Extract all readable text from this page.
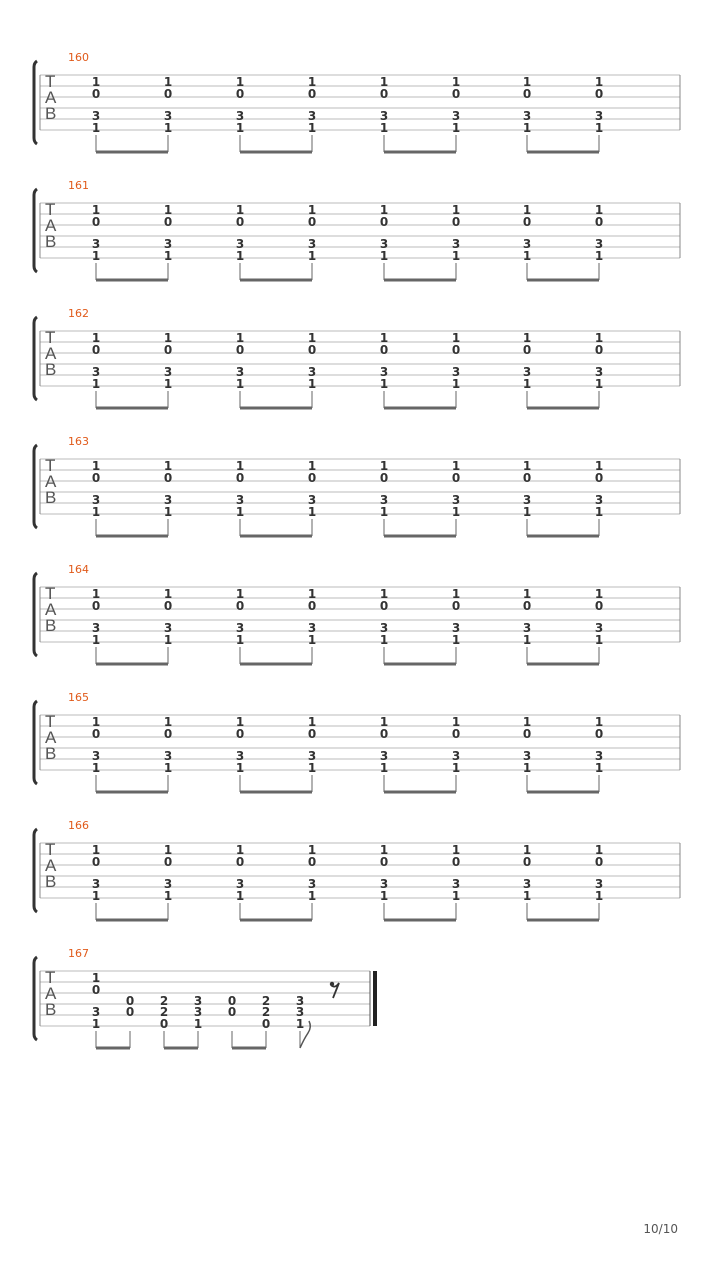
160
T
A
B
1
0
3
1
1
0
3
1
1
0
3
1
1
0
3
1
1
0
3
1
1
0
3
1
1
0
3
1
1
0
3
1
161
T
A
B
1
0
3
1
1
0
3
1
1
0
3
1
1
0
3
1
1
0
3
1
1
0
3
1
1
0
3
1
1
0
3
1
162
T
A
B
1
0
3
1
1
0
3
1
1
0
3
1
1
0
3
1
1
0
3
1
1
0
3
1
1
0
3
1
1
0
3
1
163
T
A
B
1
0
3
1
1
0
3
1
1
0
3
1
1
0
3
1
1
0
3
1
1
0
3
1
1
0
3
1
1
0
3
1
164
T
A
B
1
0
3
1
1
0
3
1
1
0
3
1
1
0
3
1
1
0
3
1
1
0
3
1
1
0
3
1
1
0
3
1
165
T
A
B
1
0
3
1
1
0
3
1
1
0
3
1
1
0
3
1
1
0
3
1
1
0
3
1
1
0
3
1
1
0
3
1
166
T
A
B
1
0
3
1
1
0
3
1
1
0
3
1
1
0
3
1
1
0
3
1
1
0
3
1
1
0
3
1
1
0
3
1
167
T
A
B
1
0
3
1
0
0
2
2
0
3
3
1
0
0
2
2
0
3
3
1
10/10
